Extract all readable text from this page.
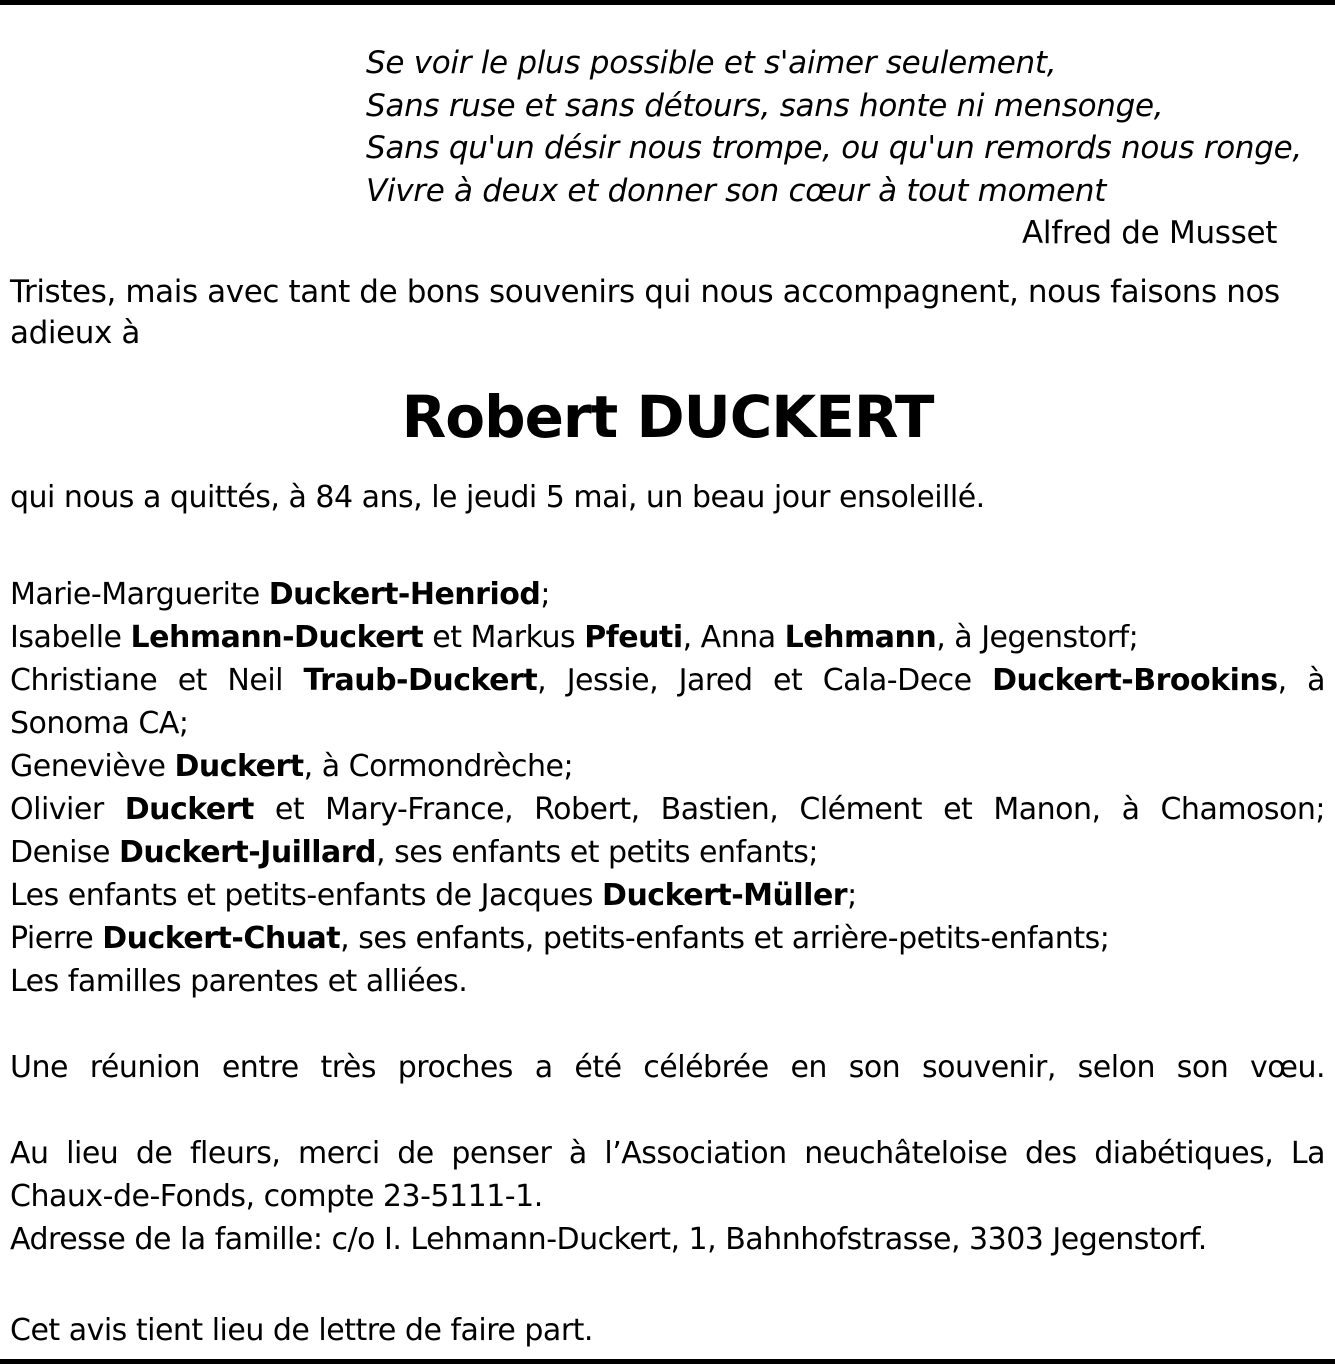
Se voir le plus possible et s'aimer seulement,
Sans ruse et sans détours, sans honte ni mensonge,
Sans qu'un désir nous trompe, ou qu'un remords nous ronge,
Vivre à deux et donner son cœur à tout moment
Alfred de Musset
Tristes, mais avec tant de bons souvenirs qui nous accompagnent, nous faisons nos
adieux à
Robert DUCKERT
qui nous a quittés, à 84 ans, le jeudi 5 mai, un beau jour ensoleillé.
Marie-Marguerite Duckert-Henriod;
Isabelle Lehmann-Duckert et Markus Pfeuti, Anna Lehmann, à Jegenstorf;
Christiane et Neil Traub-Duckert, Jessie, Jared et Cala-Dece Duckert-Brookins, à
Sonoma CA;
Geneviève Duckert, à Cormondrèche;
Olivier Duckert et Mary-France, Robert, Bastien, Clément et Manon, à Chamoson;
Denise Duckert-Juillard, ses enfants et petits enfants;
Les enfants et petits-enfants de Jacques Duckert-Müller;
Pierre Duckert-Chuat, ses enfants, petits-enfants et arrière-petits-enfants;
Les familles parentes et alliées.
Une réunion entre très proches a été célébrée en son souvenir, selon son vœu.
Au lieu de fleurs, merci de penser à l’Association neuchâteloise des diabétiques, La
Chaux-de-Fonds, compte 23-5111-1.
Adresse de la famille: c/o I. Lehmann-Duckert, 1, Bahnhofstrasse, 3303 Jegenstorf.
Cet avis tient lieu de lettre de faire part.
